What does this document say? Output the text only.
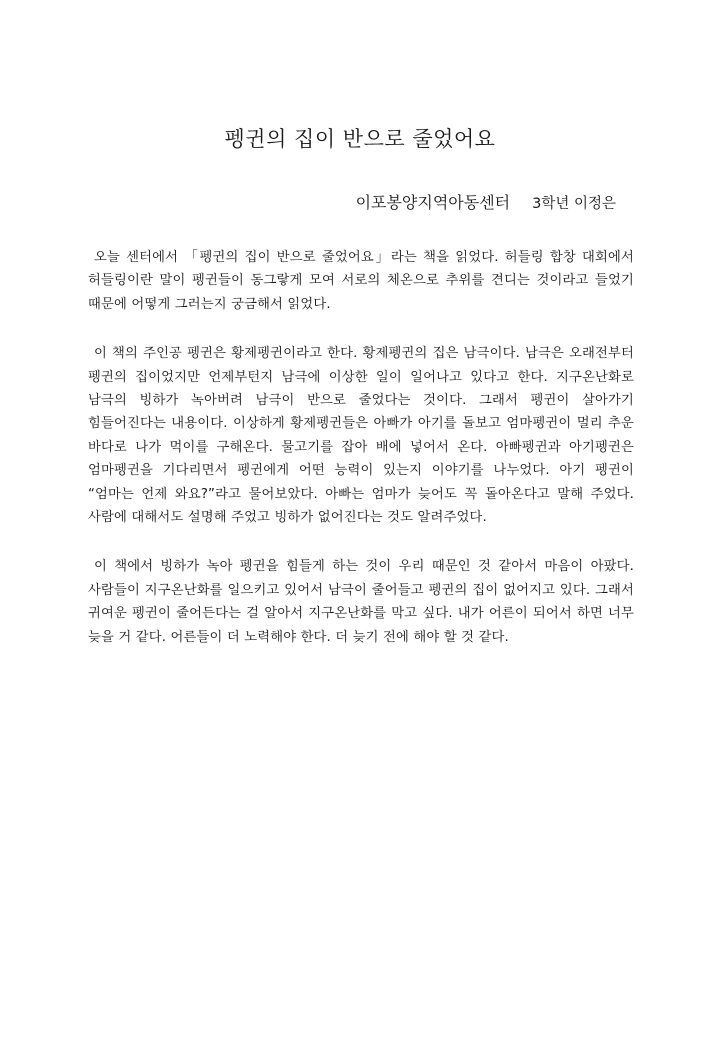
펭귄의 집이 반으로 줄었어요
이포봉양지역아동센터 3학년 이정은

오늘 센터에서 「펭귄의 집이 반으로 줄었어요」라는 책을 읽었다. 허들링 합창 대회에서 허들링이란 말이 펭귄들이 동그랗게 모여 서로의 체온으로 추위를 견디는 것이라고 들었기 때문에 어떻게 그러는지 궁금해서 읽었다.

이 책의 주인공 펭귄은 황제펭귄이라고 한다. 황제펭귄의 집은 남극이다. 남극은 오래전부터 펭귄의 집이었지만 언제부턴지 남극에 이상한 일이 일어나고 있다고 한다. 지구온난화로 남극의 빙하가 녹아버려 남극이 반으로 줄었다는 것이다. 그래서 펭귄이 살아가기 힘들어진다는 내용이다. 이상하게 황제펭귄들은 아빠가 아기를 돌보고 엄마펭귄이 멀리 추운 바다로 나가 먹이를 구해온다. 물고기를 잡아 배에 넣어서 온다. 아빠펭귄과 아기펭귄은 엄마펭귄을 기다리면서 펭귄에게 어떤 능력이 있는지 이야기를 나누었다. 아기 펭귄이 “엄마는 언제 와요?”라고 물어보았다. 아빠는 엄마가 늦어도 꼭 돌아온다고 말해 주었다. 사람에 대해서도 설명해 주었고 빙하가 없어진다는 것도 알려주었다.

이 책에서 빙하가 녹아 펭귄을 힘들게 하는 것이 우리 때문인 것 같아서 마음이 아팠다. 사람들이 지구온난화를 일으키고 있어서 남극이 줄어들고 펭귄의 집이 없어지고 있다. 그래서 귀여운 펭귄이 줄어든다는 걸 알아서 지구온난화를 막고 싶다. 내가 어른이 되어서 하면 너무 늦을 거 같다. 어른들이 더 노력해야 한다. 더 늦기 전에 해야 할 것 같다.
